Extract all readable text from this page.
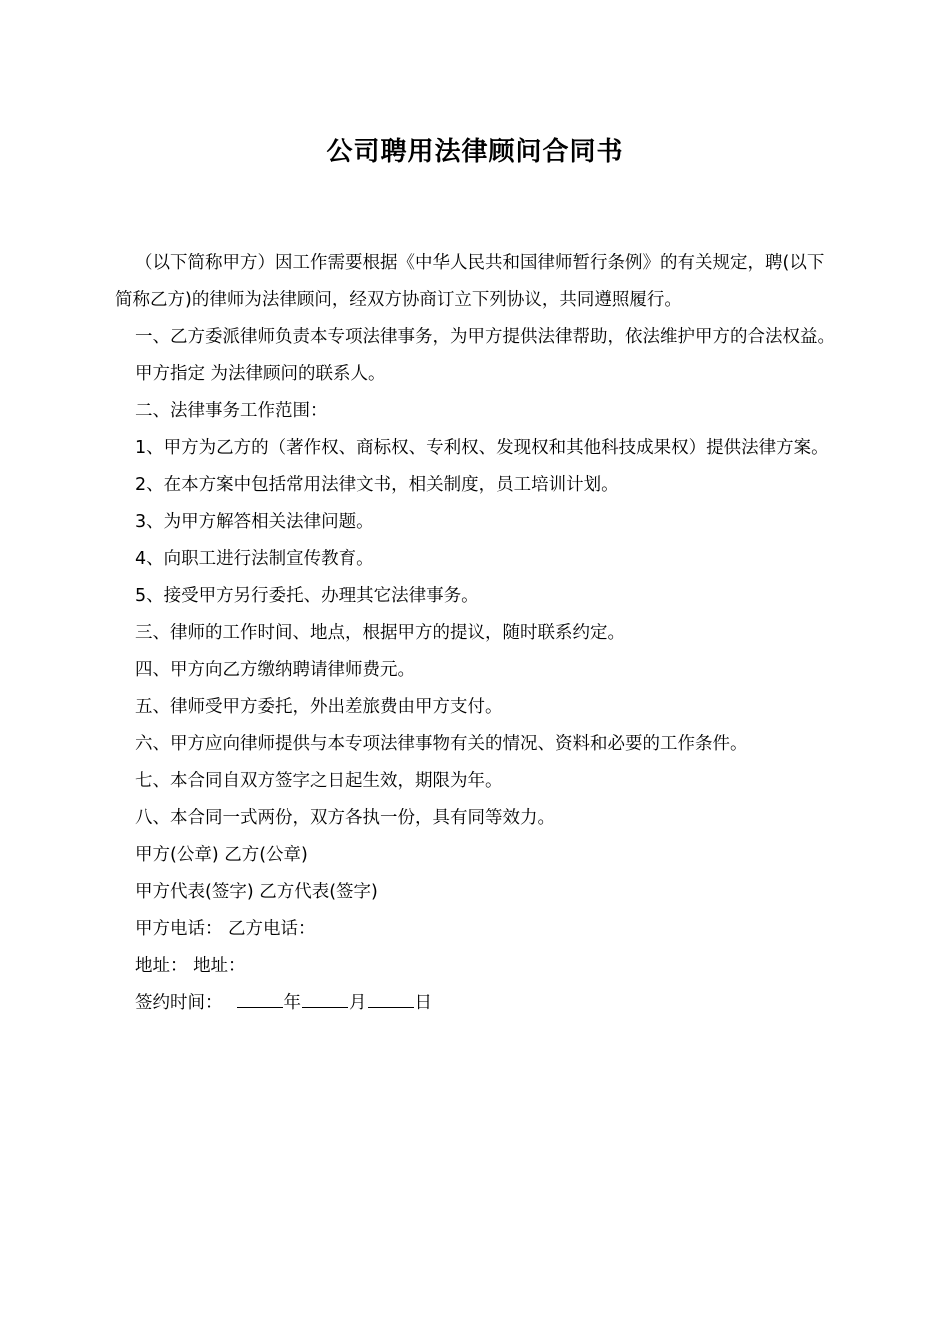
公司聘用法律顾问合同书

（以下简称甲方）因工作需要根据《中华人民共和国律师暂行条例》的有关规定，聘(以下简称乙方)的律师为法律顾问，经双方协商订立下列协议，共同遵照履行。

一、乙方委派律师负责本专项法律事务，为甲方提供法律帮助，依法维护甲方的合法权益。

甲方指定 为法律顾问的联系人。

二、法律事务工作范围：

1、甲方为乙方的（著作权、商标权、专利权、发现权和其他科技成果权）提供法律方案。

2、在本方案中包括常用法律文书，相关制度，员工培训计划。

3、为甲方解答相关法律问题。

4、向职工进行法制宣传教育。

5、接受甲方另行委托、办理其它法律事务。

三、律师的工作时间、地点，根据甲方的提议，随时联系约定。

四、甲方向乙方缴纳聘请律师费元。

五、律师受甲方委托，外出差旅费由甲方支付。

六、甲方应向律师提供与本专项法律事物有关的情况、资料和必要的工作条件。

七、本合同自双方签字之日起生效，期限为年。

八、本合同一式两份，双方各执一份，具有同等效力。

甲方(公章) 乙方(公章)

甲方代表(签字) 乙方代表(签字)

甲方电话： 乙方电话：

地址： 地址：

签约时间：	年	月	日
